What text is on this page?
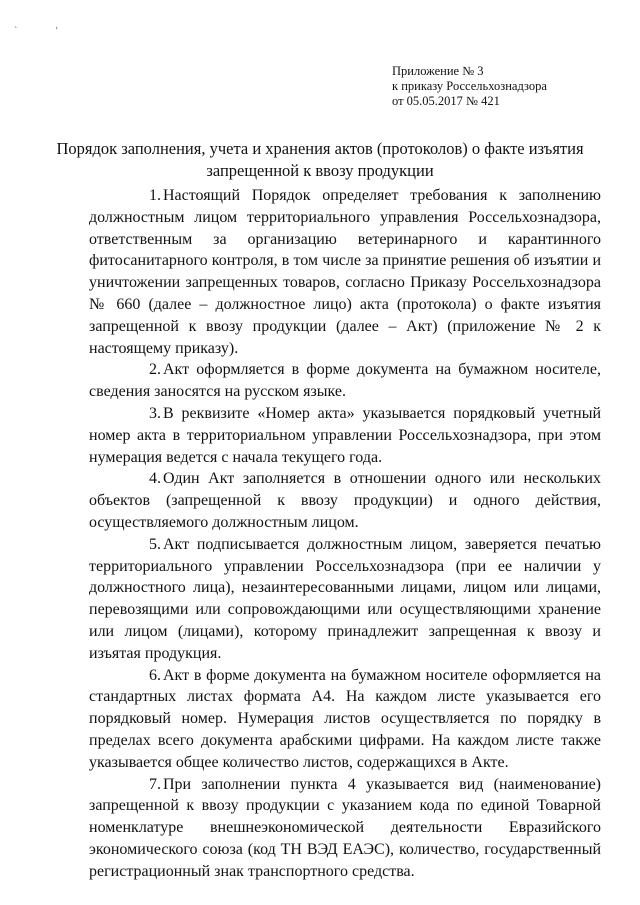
` '
Приложение № 3
к приказу Россельхознадзора
от 05.05.2017 № 421
Порядок заполнения, учета и хранения актов (протоколов) о факте изъятия
запрещенной к ввозу продукции

1. Настоящий Порядок определяет требования к заполнению должностным лицом территориального управления Россельхознадзора, ответственным за организацию ветеринарного и карантинного фитосанитарного контроля, в том числе за принятие решения об изъятии и уничтожении запрещенных товаров, согласно Приказу Россельхознадзора № 660 (далее – должностное лицо) акта (протокола) о факте изъятия запрещенной к ввозу продукции (далее – Акт) (приложение № 2 к настоящему приказу).

2. Акт оформляется в форме документа на бумажном носителе, сведения заносятся на русском языке.

3. В реквизите «Номер акта» указывается порядковый учетный номер акта в территориальном управлении Россельхознадзора, при этом нумерация ведется с начала текущего года.

4. Один Акт заполняется в отношении одного или нескольких объектов (запрещенной к ввозу продукции) и одного действия, осуществляемого должностным лицом.

5. Акт подписывается должностным лицом, заверяется печатью территориального управлении Россельхознадзора (при ее наличии у должностного лица), незаинтересованными лицами, лицом или лицами, перевозящими или сопровождающими или осуществляющими хранение или лицом (лицами), которому принадлежит запрещенная к ввозу и изъятая продукция.

6. Акт в форме документа на бумажном носителе оформляется на стандартных листах формата А4. На каждом листе указывается его порядковый номер. Нумерация листов осуществляется по порядку в пределах всего документа арабскими цифрами. На каждом листе также указывается общее количество листов, содержащихся в Акте.

7. При заполнении пункта 4 указывается вид (наименование) запрещенной к ввозу продукции с указанием кода по единой Товарной номенклатуре внешнеэкономической деятельности Евразийского экономического союза (код ТН ВЭД ЕАЭС), количество, государственный регистрационный знак транспортного средства.
